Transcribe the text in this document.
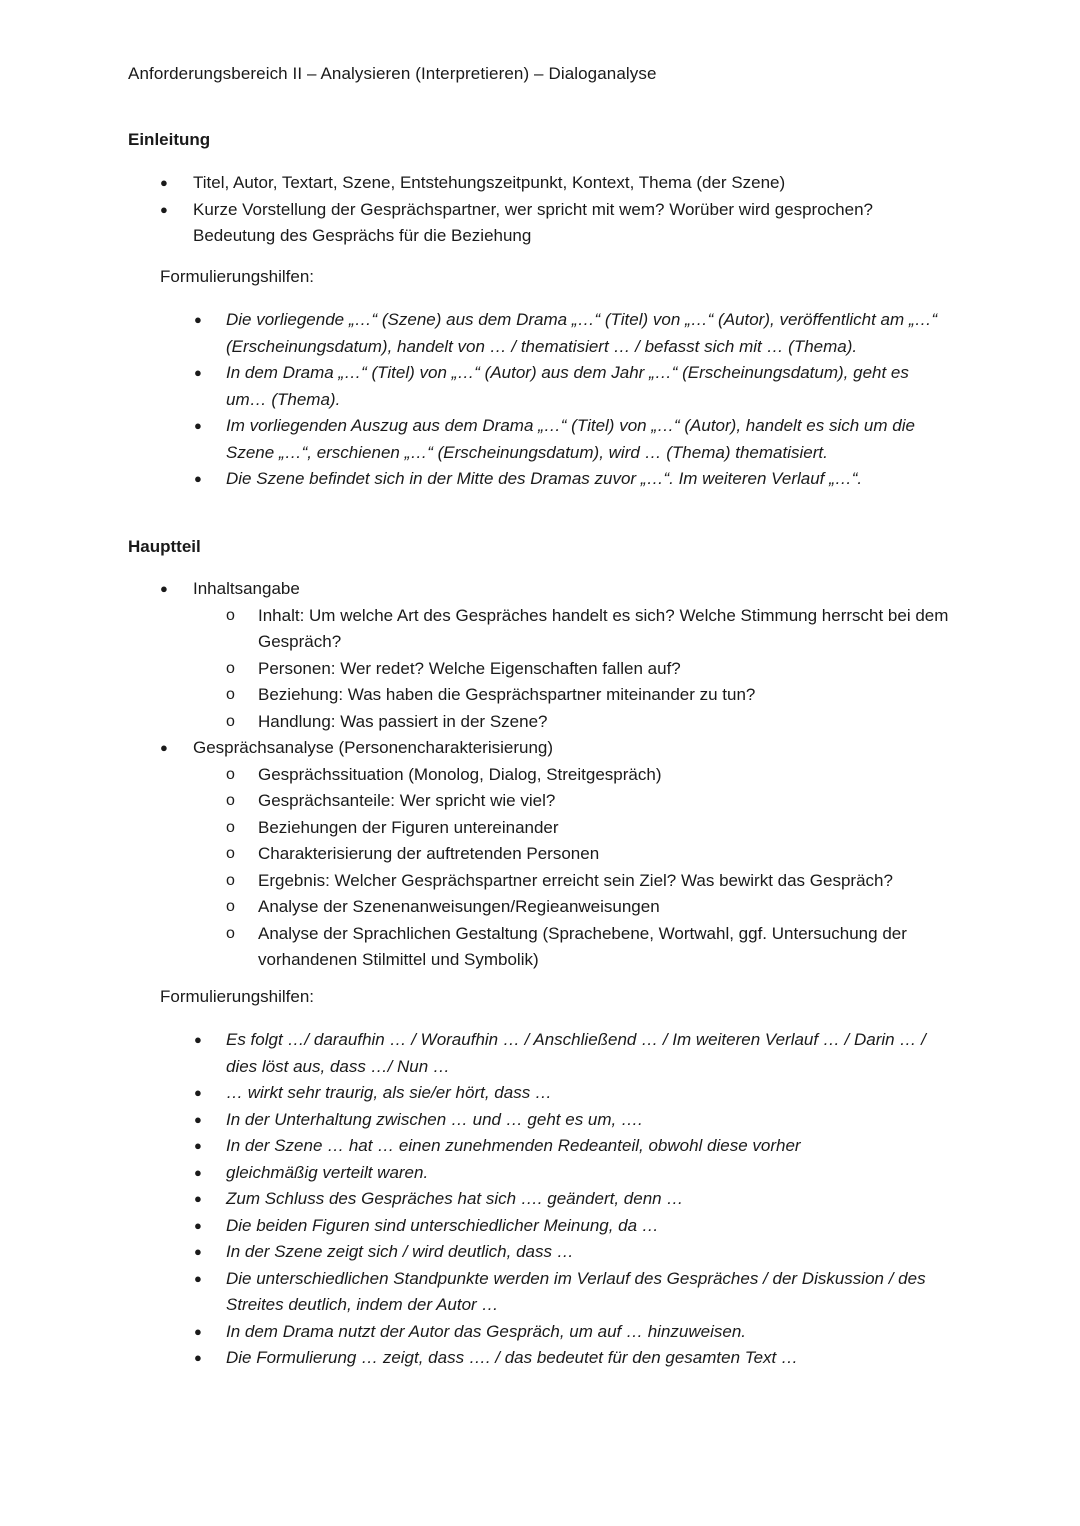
Anforderungsbereich II – Analysieren (Interpretieren) – Dialoganalyse
Einleitung
● Titel, Autor, Textart, Szene, Entstehungszeitpunkt, Kontext, Thema (der Szene)
● Kurze Vorstellung der Gesprächspartner, wer spricht mit wem? Worüber wird gesprochen? Bedeutung des Gesprächs für die Beziehung
Formulierungshilfen:
● Die vorliegende „…“ (Szene) aus dem Drama „…“ (Titel) von „…“ (Autor), veröffentlicht am „…“ (Erscheinungsdatum), handelt von … / thematisiert … / befasst sich mit … (Thema).
● In dem Drama „…“ (Titel) von „…“ (Autor) aus dem Jahr „…“ (Erscheinungsdatum), geht es um… (Thema).
● Im vorliegenden Auszug aus dem Drama „…“ (Titel) von „…“ (Autor), handelt es sich um die Szene „…“, erschienen „…“ (Erscheinungsdatum), wird … (Thema) thematisiert.
● Die Szene befindet sich in der Mitte des Dramas zuvor „…“. Im weiteren Verlauf „…“.
Hauptteil
● Inhaltsangabe
o Inhalt: Um welche Art des Gespräches handelt es sich? Welche Stimmung herrscht bei dem Gespräch?
o Personen: Wer redet? Welche Eigenschaften fallen auf?
o Beziehung: Was haben die Gesprächspartner miteinander zu tun?
o Handlung: Was passiert in der Szene?
● Gesprächsanalyse (Personencharakterisierung)
o Gesprächssituation (Monolog, Dialog, Streitgespräch)
o Gesprächsanteile: Wer spricht wie viel?
o Beziehungen der Figuren untereinander
o Charakterisierung der auftretenden Personen
o Ergebnis: Welcher Gesprächspartner erreicht sein Ziel? Was bewirkt das Gespräch?
o Analyse der Szenenanweisungen/Regieanweisungen
o Analyse der Sprachlichen Gestaltung (Sprachebene, Wortwahl, ggf. Untersuchung der vorhandenen Stilmittel und Symbolik)
Formulierungshilfen:
● Es folgt …/ daraufhin … / Woraufhin … / Anschließend … / Im weiteren Verlauf … / Darin … / dies löst aus, dass …/ Nun …
● … wirkt sehr traurig, als sie/er hört, dass …
● In der Unterhaltung zwischen … und … geht es um, ….
● In der Szene … hat … einen zunehmenden Redeanteil, obwohl diese vorher
● gleichmäßig verteilt waren.
● Zum Schluss des Gespräches hat sich …. geändert, denn …
● Die beiden Figuren sind unterschiedlicher Meinung, da …
● In der Szene zeigt sich / wird deutlich, dass …
● Die unterschiedlichen Standpunkte werden im Verlauf des Gespräches / der Diskussion / des Streites deutlich, indem der Autor …
● In dem Drama nutzt der Autor das Gespräch, um auf … hinzuweisen.
● Die Formulierung … zeigt, dass …. / das bedeutet für den gesamten Text …
